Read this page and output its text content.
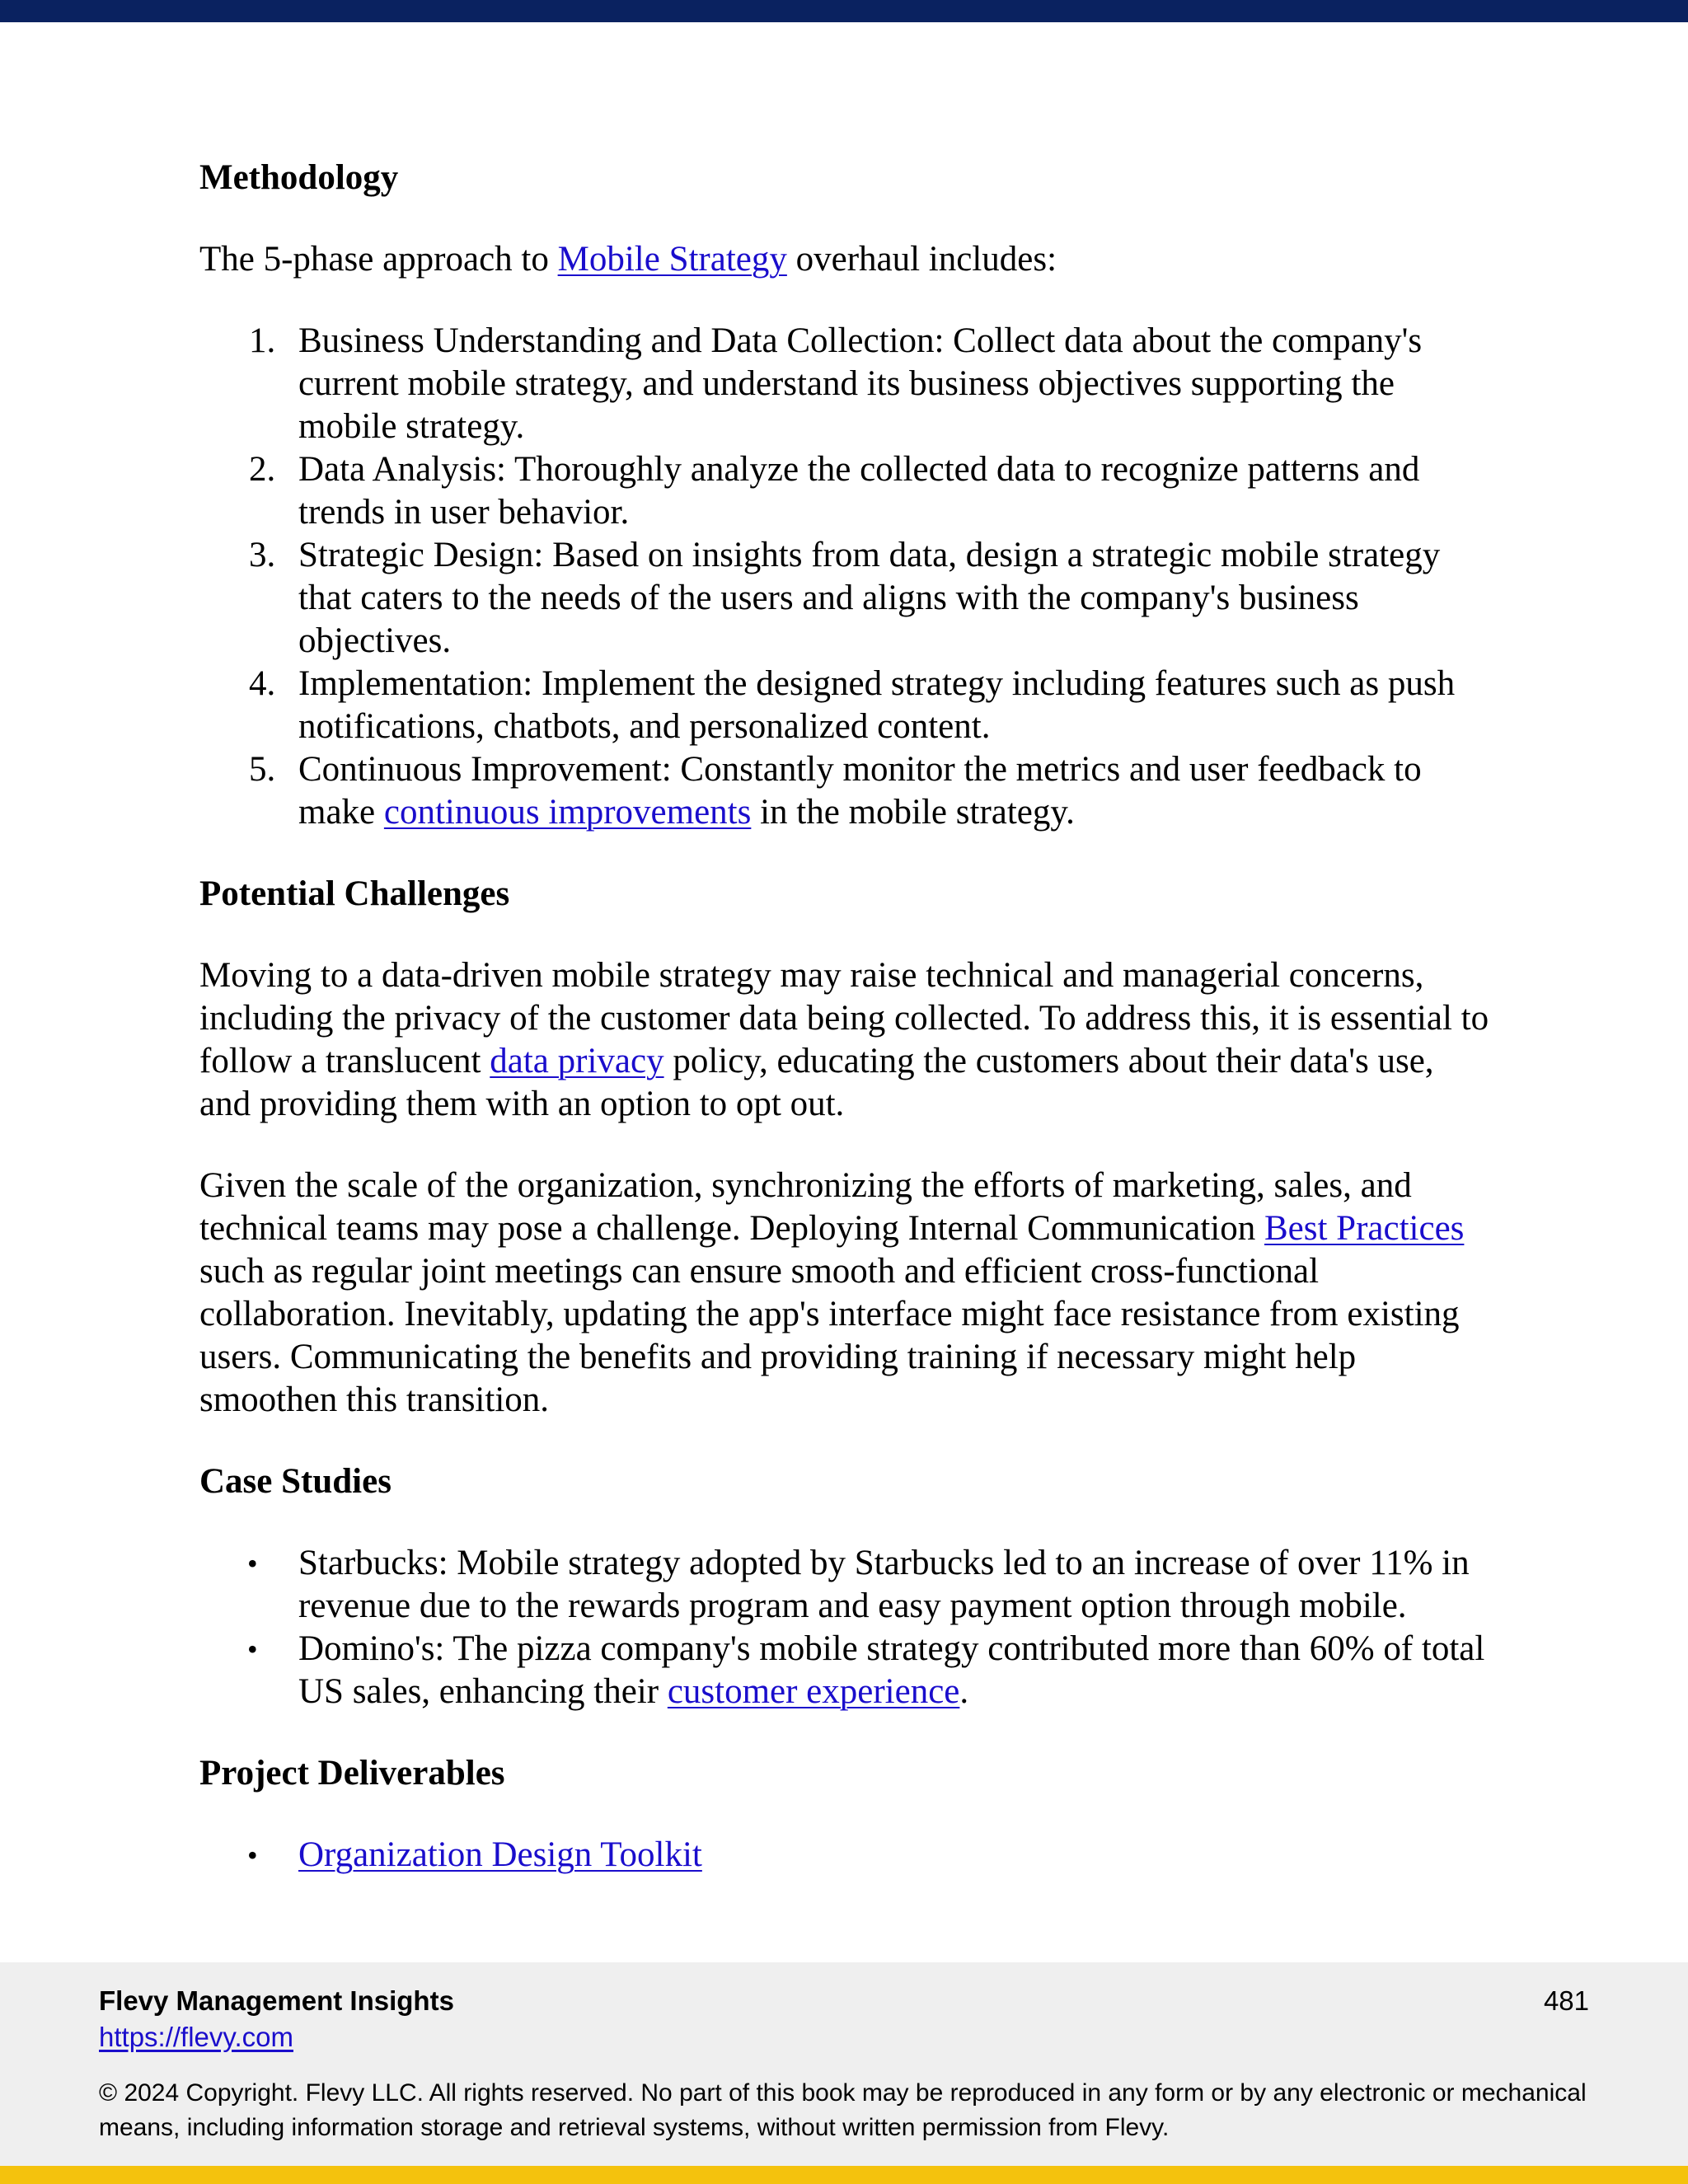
Methodology
The 5-phase approach to Mobile Strategy overhaul includes:
1. Business Understanding and Data Collection: Collect data about the company's current mobile strategy, and understand its business objectives supporting the mobile strategy.
2. Data Analysis: Thoroughly analyze the collected data to recognize patterns and trends in user behavior.
3. Strategic Design: Based on insights from data, design a strategic mobile strategy that caters to the needs of the users and aligns with the company's business objectives.
4. Implementation: Implement the designed strategy including features such as push notifications, chatbots, and personalized content.
5. Continuous Improvement: Constantly monitor the metrics and user feedback to make continuous improvements in the mobile strategy.
Potential Challenges
Moving to a data-driven mobile strategy may raise technical and managerial concerns, including the privacy of the customer data being collected. To address this, it is essential to follow a translucent data privacy policy, educating the customers about their data's use, and providing them with an option to opt out.
Given the scale of the organization, synchronizing the efforts of marketing, sales, and technical teams may pose a challenge. Deploying Internal Communication Best Practices such as regular joint meetings can ensure smooth and efficient cross-functional collaboration. Inevitably, updating the app's interface might face resistance from existing users. Communicating the benefits and providing training if necessary might help smoothen this transition.
Case Studies
•	Starbucks: Mobile strategy adopted by Starbucks led to an increase of over 11% in revenue due to the rewards program and easy payment option through mobile.
•	Domino's: The pizza company's mobile strategy contributed more than 60% of total US sales, enhancing their customer experience.
Project Deliverables
•	Organization Design Toolkit
Flevy Management Insights
https://flevy.com
481
© 2024 Copyright. Flevy LLC. All rights reserved. No part of this book may be reproduced in any form or by any electronic or mechanical means, including information storage and retrieval systems, without written permission from Flevy.
